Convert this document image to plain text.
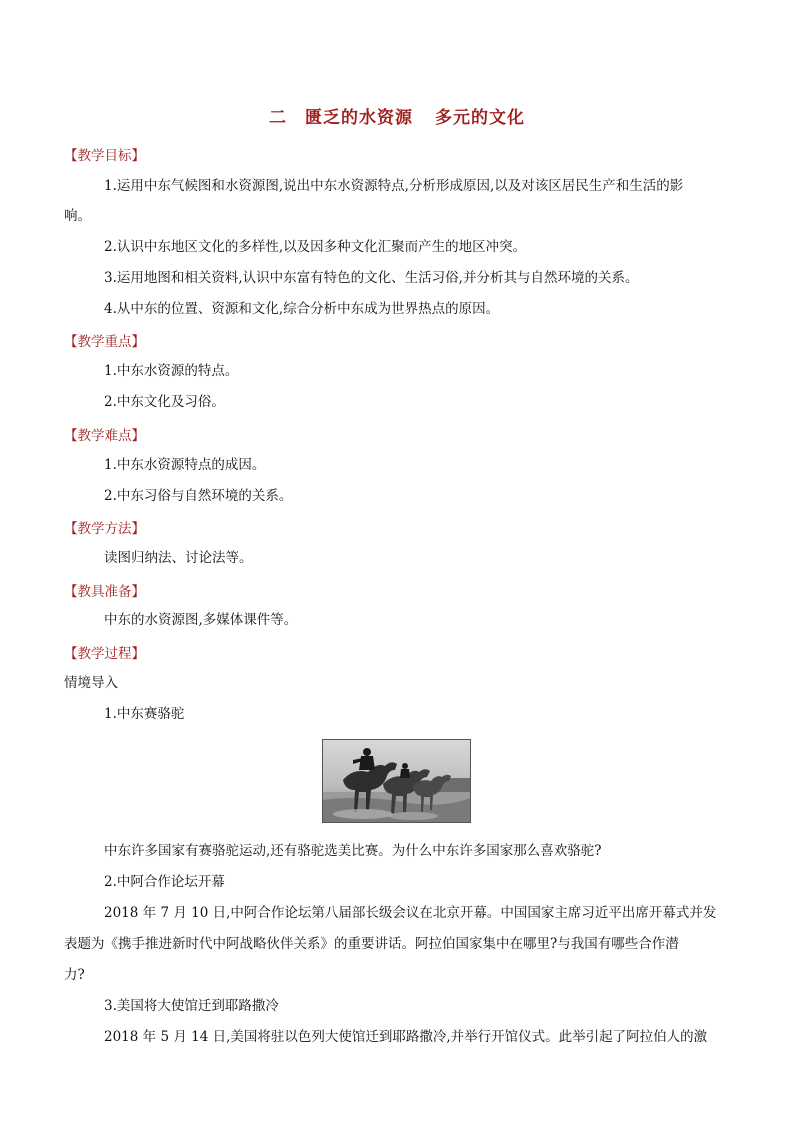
二 匮乏的水资源 多元的文化
【教学目标】
1.运用中东气候图和水资源图,说出中东水资源特点,分析形成原因,以及对该区居民生产和生活的影
响。
2.认识中东地区文化的多样性,以及因多种文化汇聚而产生的地区冲突。
3.运用地图和相关资料,认识中东富有特色的文化、生活习俗,并分析其与自然环境的关系。
4.从中东的位置、资源和文化,综合分析中东成为世界热点的原因。
【教学重点】
1.中东水资源的特点。
2.中东文化及习俗。
【教学难点】
1.中东水资源特点的成因。
2.中东习俗与自然环境的关系。
【教学方法】
读图归纳法、讨论法等。
【教具准备】
中东的水资源图,多媒体课件等。
【教学过程】
情境导入
1.中东赛骆驼
中东许多国家有赛骆驼运动,还有骆驼选美比赛。为什么中东许多国家那么喜欢骆驼?
2.中阿合作论坛开幕
2018 年 7 月 10 日,中阿合作论坛第八届部长级会议在北京开幕。中国国家主席习近平出席开幕式并发
表题为《携手推进新时代中阿战略伙伴关系》的重要讲话。阿拉伯国家集中在哪里?与我国有哪些合作潜
力?
3.美国将大使馆迁到耶路撒冷
2018 年 5 月 14 日,美国将驻以色列大使馆迁到耶路撒冷,并举行开馆仪式。此举引起了阿拉伯人的激
